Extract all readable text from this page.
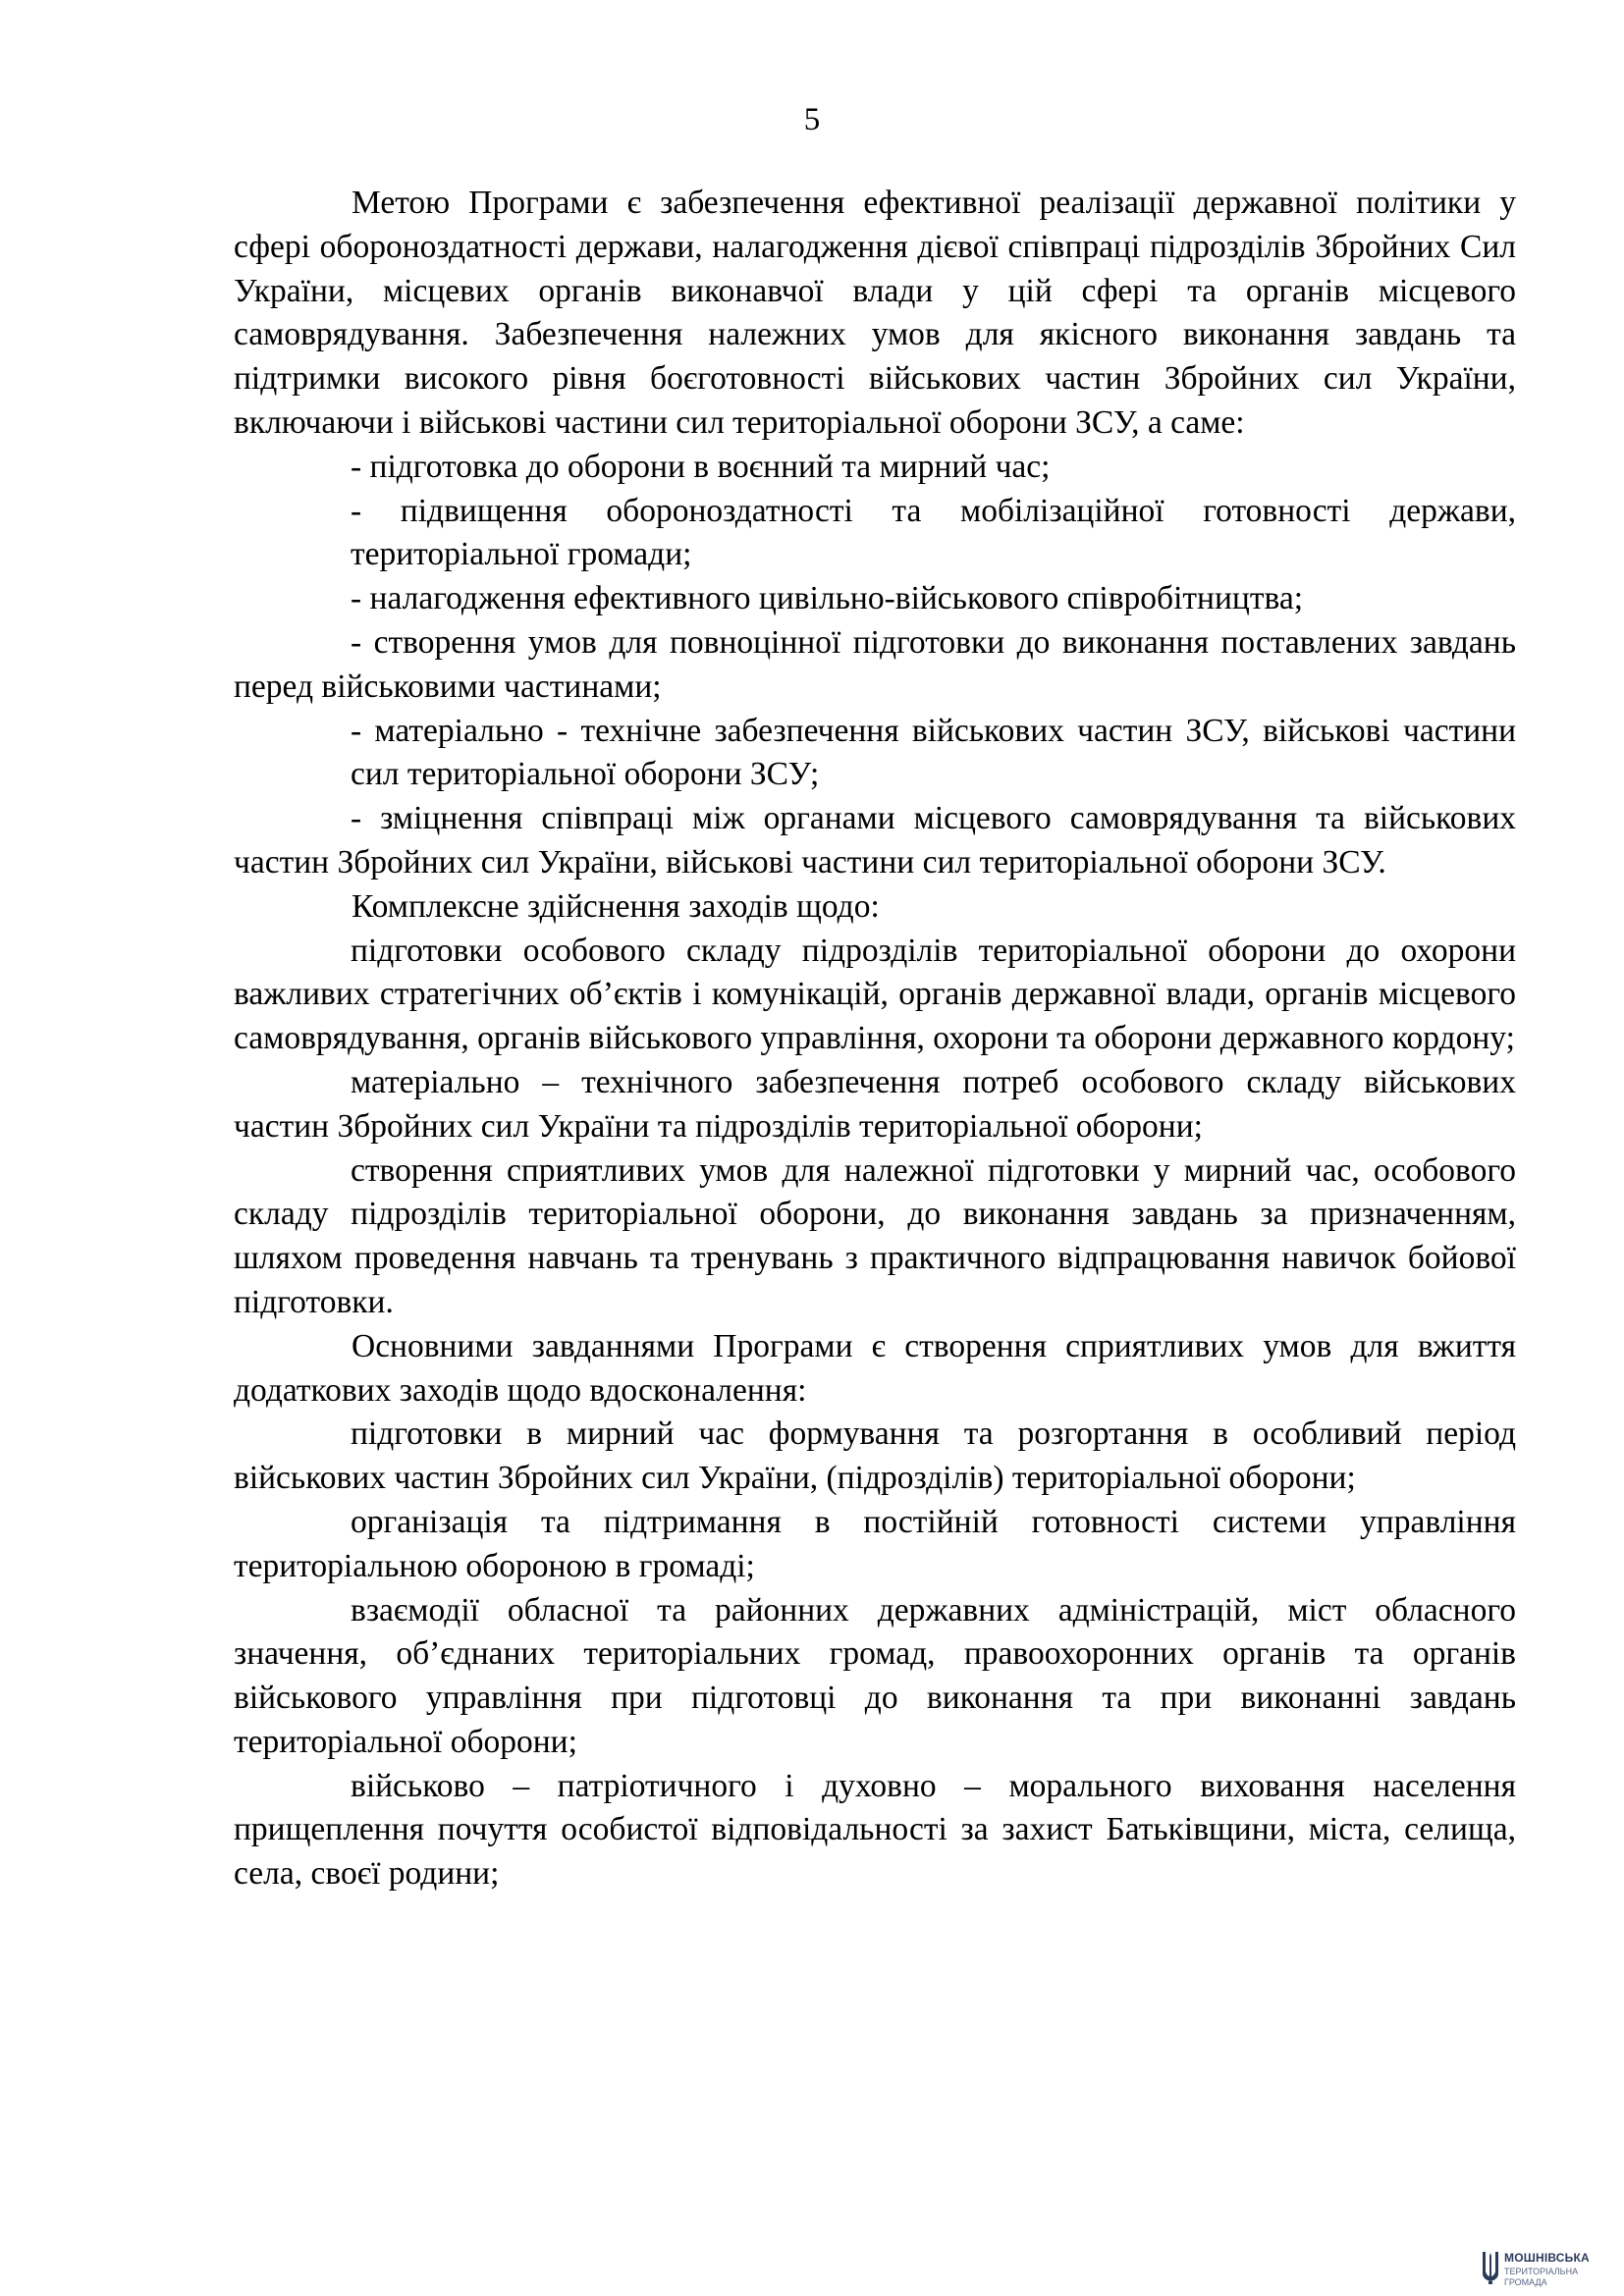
5

Метою Програми є забезпечення ефективної реалізації державної політики у сфері обороноздатності держави, налагодження дієвої співпраці підрозділів Збройних Сил України, місцевих органів виконавчої влади у цій сфері та органів місцевого самоврядування. Забезпечення належних умов для якісного виконання завдань та підтримки високого рівня боєготовності військових частин Збройних сил України, включаючи і військові частини сил територіальної оборони ЗСУ, а саме:

- підготовка до оборони в воєнний та мирний час;

- підвищення обороноздатності та мобілізаційної готовності держави, територіальної громади;

- налагодження ефективного цивільно-військового співробітництва;

- створення умов для повноцінної підготовки до виконання поставлених завдань перед військовими частинами;

- матеріально - технічне забезпечення військових частин ЗСУ, військові частини сил територіальної оборони ЗСУ;

- зміцнення співпраці між органами місцевого самоврядування та військових частин Збройних сил України, військові частини сил територіальної оборони ЗСУ.

Комплексне здійснення заходів щодо:

підготовки особового складу підрозділів територіальної оборони до охорони важливих стратегічних об’єктів і комунікацій, органів державної влади, органів місцевого самоврядування, органів військового управління, охорони та оборони державного кордону;

матеріально – технічного забезпечення потреб особового складу військових частин Збройних сил України та підрозділів територіальної оборони;

створення сприятливих умов для належної підготовки у мирний час, особового складу підрозділів територіальної оборони, до виконання завдань за призначенням, шляхом проведення навчань та тренувань з практичного відпрацювання навичок бойової підготовки.

Основними завданнями Програми є створення сприятливих умов для вжиття додаткових заходів щодо вдосконалення:

підготовки в мирний час формування та розгортання в особливий період військових частин Збройних сил України, (підрозділів) територіальної оборони;

організація та підтримання в постійній готовності системи управління територіальною обороною в громаді;

взаємодії обласної та районних державних адміністрацій, міст обласного значення, об’єднаних територіальних громад, правоохоронних органів та органів військового управління при підготовці до виконання та при виконанні завдань територіальної оборони;

військово – патріотичного і духовно – морального виховання населення прищеплення почуття особистої відповідальності за захист Батьківщини, міста, селища, села, своєї родини;

МОШНІВСЬКА
ТЕРИТОРІАЛЬНА
ГРОМАДА
